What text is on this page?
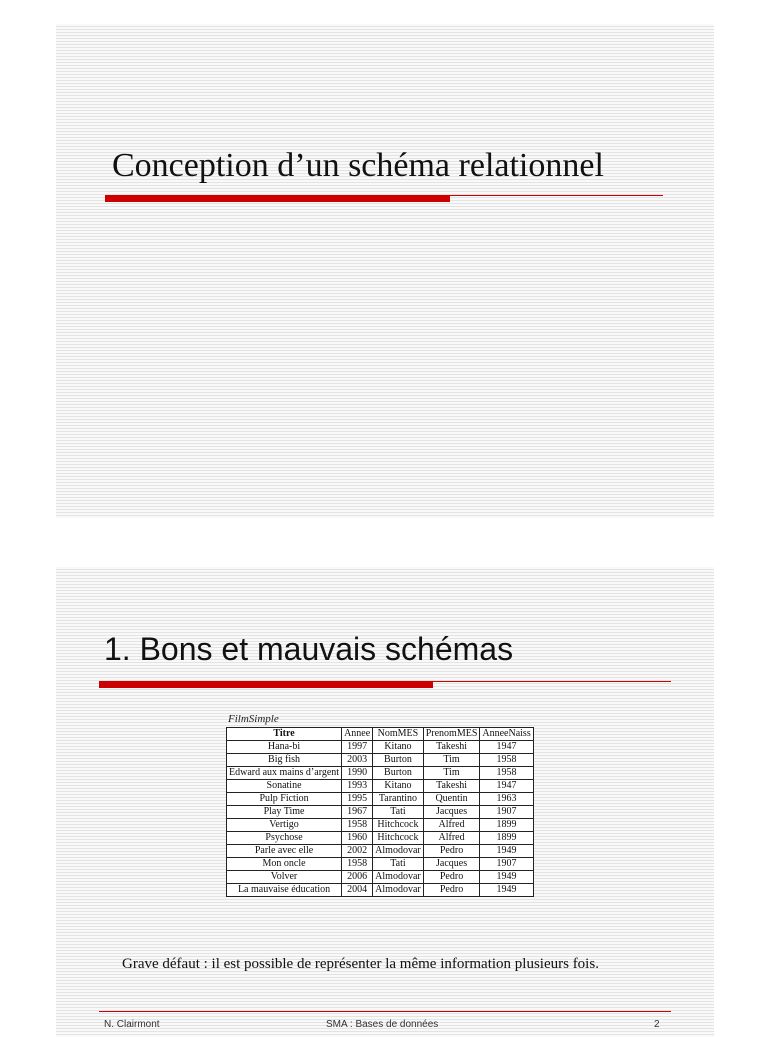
Conception d’un schéma relationnel
1. Bons et mauvais schémas
FilmSimple
Titre	Annee	NomMES	PrenomMES	AnneeNaiss
Hana-bi	1997	Kitano	Takeshi	1947
Big fish	2003	Burton	Tim	1958
Edward aux mains d’argent	1990	Burton	Tim	1958
Sonatine	1993	Kitano	Takeshi	1947
Pulp Fiction	1995	Tarantino	Quentin	1963
Play Time	1967	Tati	Jacques	1907
Vertigo	1958	Hitchcock	Alfred	1899
Psychose	1960	Hitchcock	Alfred	1899
Parle avec elle	2002	Almodovar	Pedro	1949
Mon oncle	1958	Tati	Jacques	1907
Volver	2006	Almodovar	Pedro	1949
La mauvaise éducation	2004	Almodovar	Pedro	1949
Grave défaut : il est possible de représenter la même information plusieurs fois.
N. Clairmont	SMA : Bases de données	2
